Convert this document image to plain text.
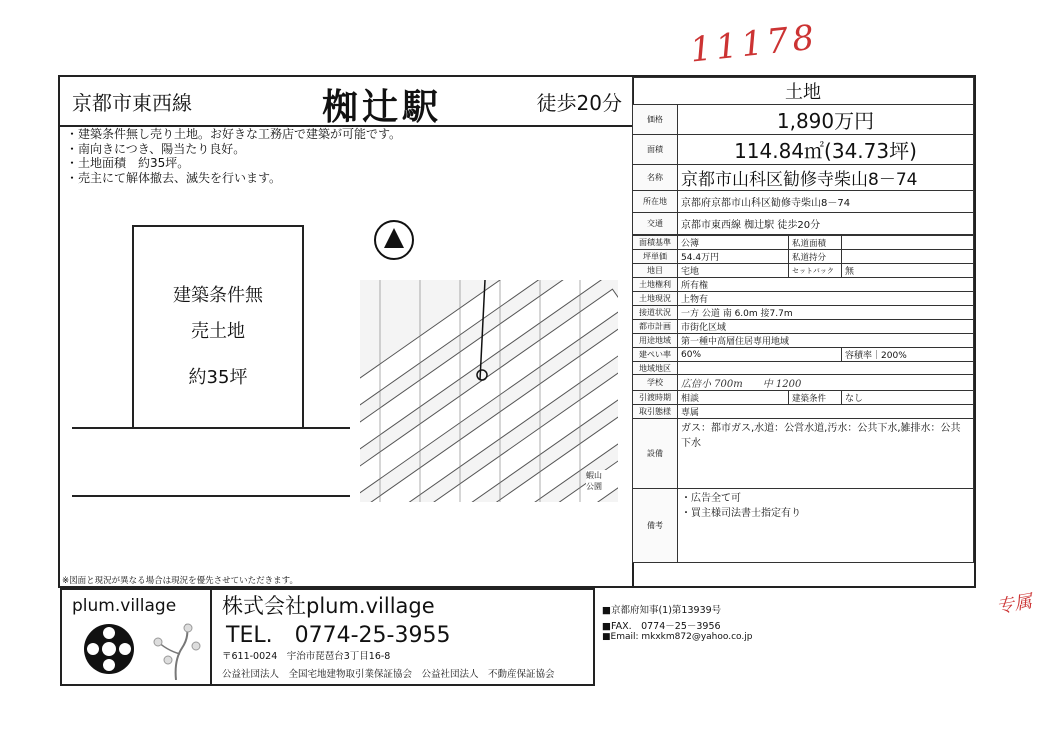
11178
京都市東西線	椥辻駅	徒歩20分
・建築条件無し売り土地。お好きな工務店で建築が可能です。
・南向きにつき、陽当たり良好。
・土地面積　約35坪。
・売主にて解体撤去、滅失を行います。
建築条件無
売土地
約35坪
蝦山公園
土地	
価格	1,890万円
面積	114.84㎡(34.73坪)
名称	京都市山科区勧修寺柴山8－74
所在地	京都府京都市山科区勧修寺柴山8－74
交通	京都市東西線 椥辻駅 徒歩20分
面積基準	公簿	私道面積	
坪単価	54.4万円	私道持分	
地目	宅地	セットバック	無
土地権利	所有権		
土地現況	上物有		
接道状況	一方 公道 南 6.0m 接7.7m		
都市計画	市街化区域		
用途地域	第一種中高層住居専用地域		
建ぺい率	60%		容積率｜200%
地域地区			
学校	広倍小 700m　　中 1200		
引渡時期	相談	建築条件	なし
取引態様	専属		
設備	ガス：都市ガス,水道：公営水道,汚水：公共下水,雑排水：公共下水		
備考	・広告全て可
・買主様司法書士指定有り		
※図面と現況が異なる場合は現況を優先させていただきます。
plum.village 株式会社plum.village
TEL.　0774-25-3955
〒611-0024　宇治市琵琶台3丁目16-8
公益社団法人　全国宅地建物取引業保証協会　公益社団法人　不動産保証協会
■京都府知事(1)第13939号
■FAX.　0774－25－3956
■Email: mkxkm872@yahoo.co.jp
专属
